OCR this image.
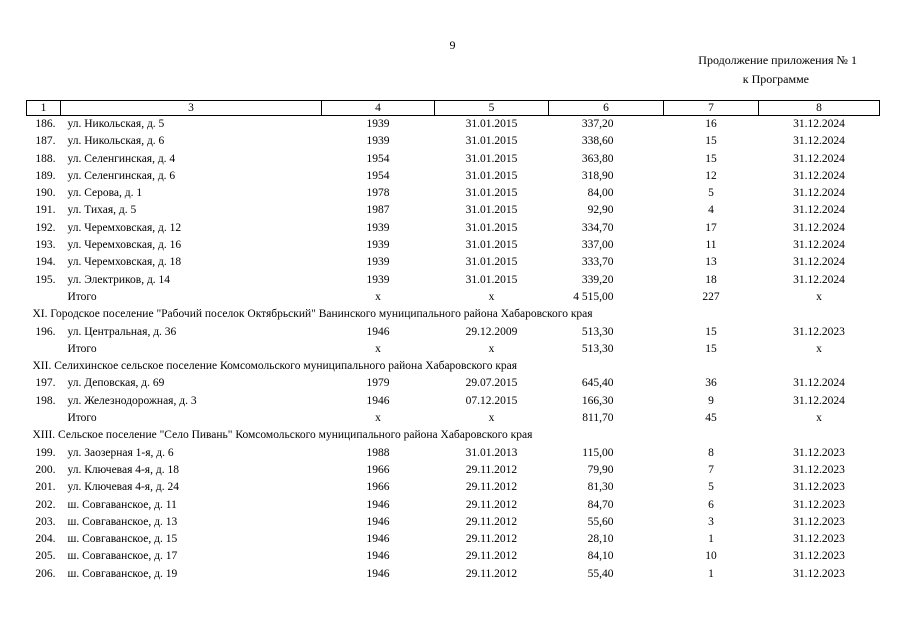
9
Продолжение приложения № 1
к Программе
1	3	4	5	6	7	8
186.	ул. Никольская, д. 5	1939	31.01.2015	337,20	16	31.12.2024
187.	ул. Никольская, д. 6	1939	31.01.2015	338,60	15	31.12.2024
188.	ул. Селенгинская, д. 4	1954	31.01.2015	363,80	15	31.12.2024
189.	ул. Селенгинская, д. 6	1954	31.01.2015	318,90	12	31.12.2024
190.	ул. Серова, д. 1	1978	31.01.2015	84,00	5	31.12.2024
191.	ул. Тихая, д. 5	1987	31.01.2015	92,90	4	31.12.2024
192.	ул. Черемховская, д. 12	1939	31.01.2015	334,70	17	31.12.2024
193.	ул. Черемховская, д. 16	1939	31.01.2015	337,00	11	31.12.2024
194.	ул. Черемховская, д. 18	1939	31.01.2015	333,70	13	31.12.2024
195.	ул. Электриков, д. 14	1939	31.01.2015	339,20	18	31.12.2024
	Итого	х	х	4 515,00	227	х
XI. Городское поселение "Рабочий поселок Октябрьский" Ванинского муниципального района Хабаровского края						
196.	ул. Центральная, д. 36	1946	29.12.2009	513,30	15	31.12.2023
	Итого	х	х	513,30	15	х
XII. Селихинское сельское поселение Комсомольского муниципального района Хабаровского края						
197.	ул. Деповская, д. 69	1979	29.07.2015	645,40	36	31.12.2024
198.	ул. Железнодорожная, д. 3	1946	07.12.2015	166,30	9	31.12.2024
	Итого	х	х	811,70	45	х
XIII. Сельское поселение "Село Пивань" Комсомольского муниципального района Хабаровского края						
199.	ул. Заозерная 1-я, д. 6	1988	31.01.2013	115,00	8	31.12.2023
200.	ул. Ключевая 4-я, д. 18	1966	29.11.2012	79,90	7	31.12.2023
201.	ул. Ключевая 4-я, д. 24	1966	29.11.2012	81,30	5	31.12.2023
202.	ш. Совгаванское, д. 11	1946	29.11.2012	84,70	6	31.12.2023
203.	ш. Совгаванское, д. 13	1946	29.11.2012	55,60	3	31.12.2023
204.	ш. Совгаванское, д. 15	1946	29.11.2012	28,10	1	31.12.2023
205.	ш. Совгаванское, д. 17	1946	29.11.2012	84,10	10	31.12.2023
206.	ш. Совгаванское, д. 19	1946	29.11.2012	55,40	1	31.12.2023
